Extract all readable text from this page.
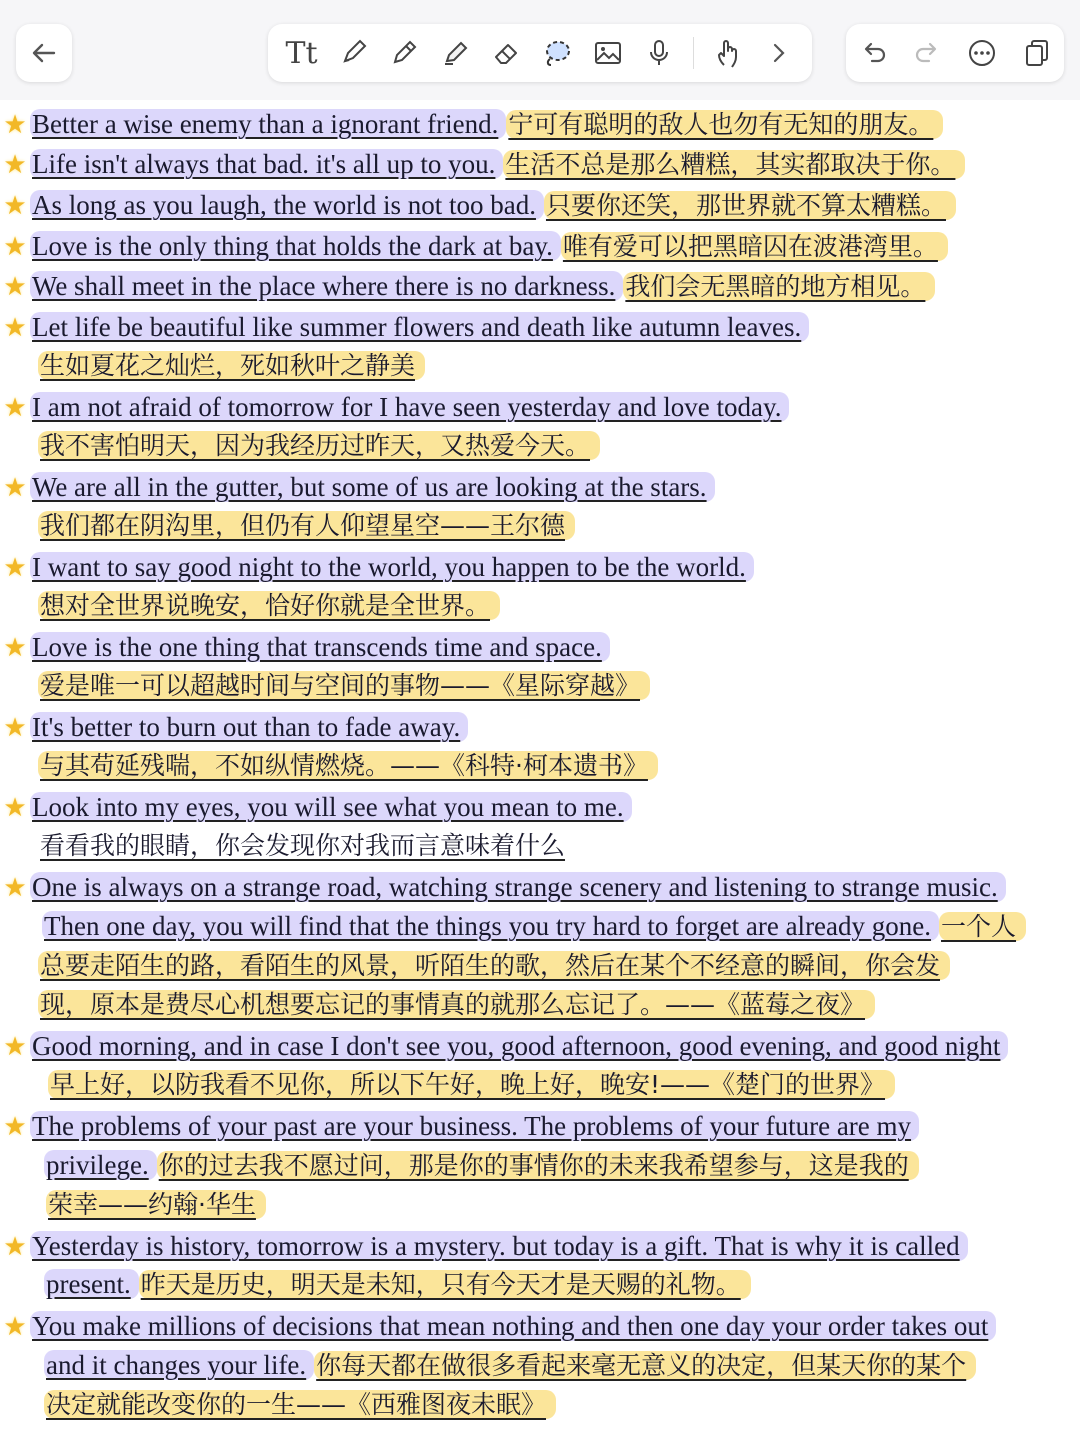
★ Better a wise enemy than a ignorant friend. 宁可有聪明的敌人也勿有无知的朋友。
★ Life isn't always that bad. it's all up to you. 生活不总是那么糟糕，其实都取决于你。
★ As long as you laugh, the world is not too bad. 只要你还笑，那世界就不算太糟糕。
★ Love is the only thing that holds the dark at bay. 唯有爱可以把黑暗囚在波港湾里。
★ We shall meet in the place where there is no darkness. 我们会无黑暗的地方相见。
★ Let life be beautiful like summer flowers and death like autumn leaves.
生如夏花之灿烂，死如秋叶之静美
★ I am not afraid of tomorrow for I have seen yesterday and love today.
我不害怕明天，因为我经历过昨天，又热爱今天。
★ We are all in the gutter, but some of us are looking at the stars.
我们都在阴沟里，但仍有人仰望星空——王尔德
★ I want to say good night to the world, you happen to be the world.
想对全世界说晚安，恰好你就是全世界。
★ Love is the one thing that transcends time and space.
爱是唯一可以超越时间与空间的事物——《星际穿越》
★ It's better to burn out than to fade away.
与其苟延残喘，不如纵情燃烧。——《科特·柯本遗书》
★ Look into my eyes, you will see what you mean to me.
看看我的眼睛，你会发现你对我而言意味着什么
★ One is always on a strange road, watching strange scenery and listening to strange music.
Then one day, you will find that the things you try hard to forget are already gone. 一个人
总要走陌生的路，看陌生的风景，听陌生的歌，然后在某个不经意的瞬间，你会发
现，原本是费尽心机想要忘记的事情真的就那么忘记了。——《蓝莓之夜》
★ Good morning, and in case I don't see you, good afternoon, good evening, and good night
早上好，以防我看不见你，所以下午好，晚上好，晚安!——《楚门的世界》
★ The problems of your past are your business. The problems of your future are my
privilege. 你的过去我不愿过问，那是你的事情你的未来我希望参与，这是我的
荣幸——约翰·华生
★ Yesterday is history, tomorrow is a mystery. but today is a gift. That is why it is called
present. 昨天是历史，明天是未知，只有今天才是天赐的礼物。
★ You make millions of decisions that mean nothing and then one day your order takes out
and it changes your life. 你每天都在做很多看起来毫无意义的决定，但某天你的某个
决定就能改变你的一生——《西雅图夜未眠》
Tt
